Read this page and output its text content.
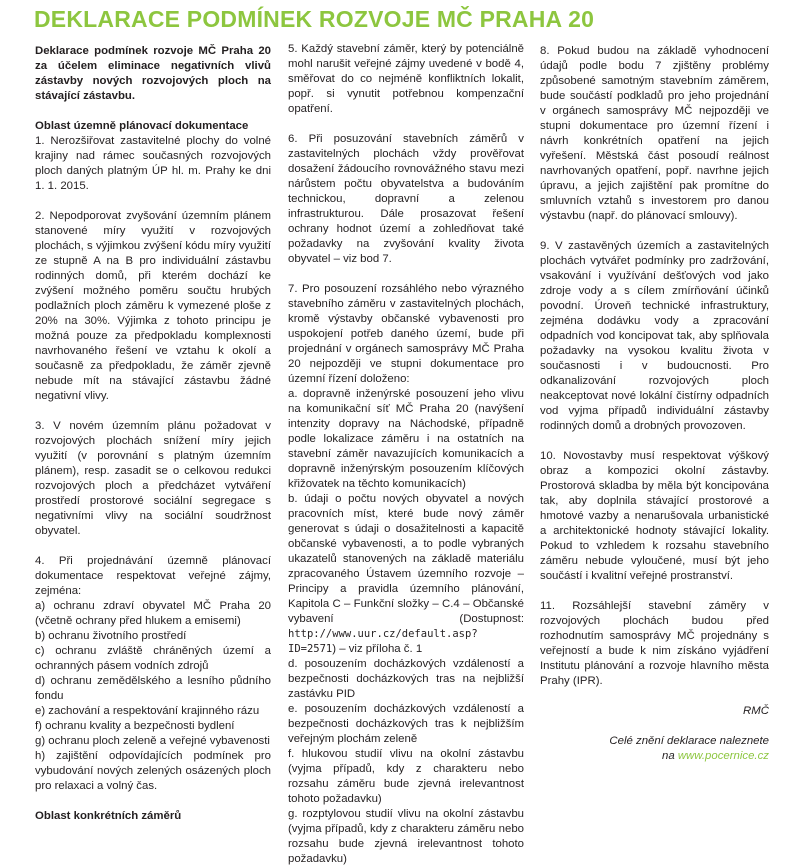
DEKLARACE PODMÍNEK ROZVOJE MČ PRAHA 20

Deklarace podmínek rozvoje MČ Praha 20 za účelem eliminace negativních vlivů zástavby nových rozvojových ploch na stávající zástavbu.

Oblast územně plánovací dokumentace

1. Nerozšiřovat zastavitelné plochy do volné krajiny nad rámec současných rozvojových ploch daných platným ÚP hl. m. Prahy ke dni 1. 1. 2015.

2. Nepodporovat zvyšování územním plánem stanovené míry využití v rozvojových plochách, s výjimkou zvýšení kódu míry využití ze stupně A na B pro individuální zástavbu rodinných domů, při kterém dochází ke zvýšení možného poměru součtu hrubých podlažních ploch záměru k vymezené ploše z 20% na 30%. Výjimka z tohoto principu je možná pouze za předpokladu komplexnosti navrhovaného řešení ve vztahu k okolí a současně za předpokladu, že záměr zjevně nebude mít na stávající zástavbu žádné negativní vlivy.

3. V novém územním plánu požadovat v rozvojových plochách snížení míry jejich využití (v porovnání s platným územním plánem), resp. zasadit se o celkovou redukci rozvojových ploch a předcházet vytváření prostředí prostorové sociální segregace s negativními vlivy na sociální soudržnost obyvatel.

4. Při projednávání územně plánovací dokumentace respektovat veřejné zájmy, zejména:

a) ochranu zdraví obyvatel MČ Praha 20 (včetně ochrany před hlukem a emisemi)

b) ochranu životního prostředí

c) ochranu zvláště chráněných území a ochranných pásem vodních zdrojů

d) ochranu zemědělského a lesního půdního fondu

e) zachování a respektování krajinného rázu

f) ochranu kvality a bezpečnosti bydlení

g) ochranu ploch zeleně a veřejné vybavenosti

h) zajištění odpovídajících podmínek pro vybudování nových zelených osázených ploch pro relaxaci a volný čas.

Oblast konkrétních záměrů

5. Každý stavební záměr, který by potenciálně mohl narušit veřejné zájmy uvedené v bodě 4, směřovat do co nejméně konfliktních lokalit, popř. si vynutit potřebnou kompenzační opatření.

6. Při posuzování stavebních záměrů v zastavitelných plochách vždy prověřovat dosažení žádoucího rovnovážného stavu mezi nárůstem počtu obyvatelstva a budováním technickou, dopravní a zelenou infrastrukturou. Dále prosazovat řešení ochrany hodnot území a zohledňovat také požadavky na zvyšování kvality života obyvatel – viz bod 7.

7. Pro posouzení rozsáhlého nebo výrazného stavebního záměru v zastavitelných plochách, kromě výstavby občanské vybavenosti pro uspokojení potřeb daného území, bude při projednání v orgánech samosprávy MČ Praha 20 nejpozději ve stupni dokumentace pro územní řízení doloženo:

a. dopravně inženýrské posouzení jeho vlivu na komunikační síť MČ Praha 20 (navýšení intenzity dopravy na Náchodské, případně podle lokalizace záměru i na ostatních na stavební záměr navazujících komunikacích a dopravně inženýrským posouzením klíčových křižovatek na těchto komunikacích)

b. údaji o počtu nových obyvatel a nových pracovních míst, které bude nový záměr generovat s údaji o dosažitelnosti a kapacitě občanské vybavenosti, a to podle vybraných ukazatelů stanovených na základě materiálu zpracovaného Ústavem územního rozvoje – Principy a pravidla územního plánování, Kapitola C – Funkční složky – C.4 – Občanské vybavení (Dostupnost: http://www.uur.cz/default.asp?ID=2571) – viz příloha č. 1

d. posouzením docházkových vzdáleností a bezpečnosti docházkových tras na nejbližší zastávku PID

e. posouzením docházkových vzdáleností a bezpečnosti docházkových tras k nejbližším veřejným plochám zeleně

f. hlukovou studií vlivu na okolní zástavbu (vyjma případů, kdy z charakteru nebo rozsahu záměru bude zjevná irelevantnost tohoto požadavku)

g. rozptylovou studií vlivu na okolní zástavbu (vyjma případů, kdy z charakteru záměru nebo rozsahu bude zjevná irelevantnost tohoto požadavku)

8. Pokud budou na základě vyhodnocení údajů podle bodu 7 zjištěny problémy způsobené samotným stavebním záměrem, bude součástí podkladů pro jeho projednání v orgánech samosprávy MČ nejpozději ve stupni dokumentace pro územní řízení i návrh konkrétních opatření na jejich vyřešení. Městská část posoudí reálnost navrhovaných opatření, popř. navrhne jejich úpravu, a jejich zajištění pak promítne do smluvních vztahů s investorem pro danou výstavbu (např. do plánovací smlouvy).

9. V zastavěných územích a zastavitelných plochách vytvářet podmínky pro zadržování, vsakování i využívání dešťových vod jako zdroje vody a s cílem zmírňování účinků povodní. Úroveň technické infrastruktury, zejména dodávku vody a zpracování odpadních vod koncipovat tak, aby splňovala požadavky na vysokou kvalitu života v současnosti i v budoucnosti. Pro odkanalizování rozvojových ploch neakceptovat nové lokální čistírny odpadních vod vyjma případů individuální zástavby rodinných domů a drobných provozoven.

10. Novostavby musí respektovat výškový obraz a kompozici okolní zástavby. Prostorová skladba by měla být koncipována tak, aby doplnila stávající prostorové a hmotové vazby a nenarušovala urbanistické a architektonické hodnoty stávající lokality. Pokud to vzhledem k rozsahu stavebního záměru nebude vyloučené, musí být jeho součástí i kvalitní veřejné prostranství.

11. Rozsáhlejší stavební záměry v rozvojových plochách budou před rozhodnutím samosprávy MČ projednány s veřejností a bude k nim získáno vyjádření Institutu plánování a rozvoje hlavního města Prahy (IPR).

RMČ

Celé znění deklarace naleznete

na www.pocernice.cz
